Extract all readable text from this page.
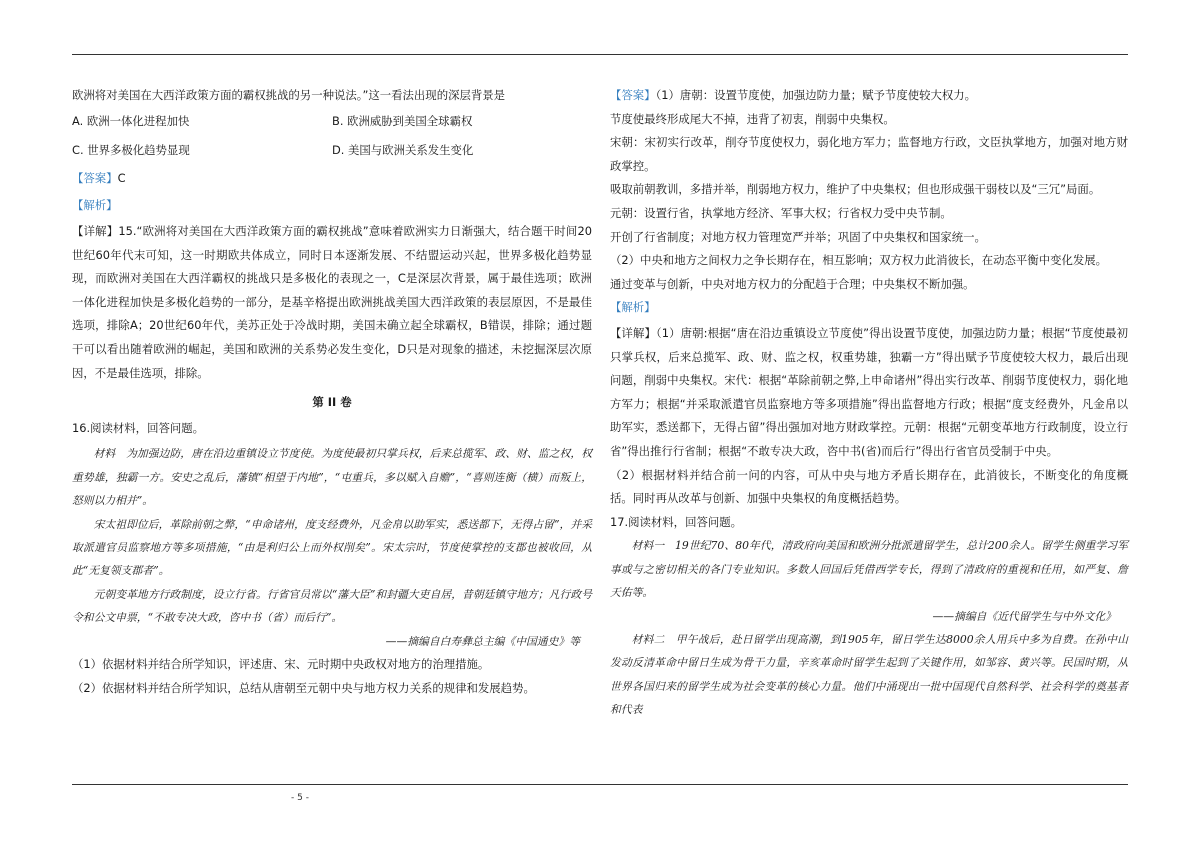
欧洲将对美国在大西洋政策方面的霸权挑战的另一种说法。”这一看法出现的深层背景是
A. 欧洲一体化进程加快	B. 欧洲威胁到美国全球霸权
C. 世界多极化趋势显现	D. 美国与欧洲关系发生变化
【答案】C
【解析】
【详解】15.“欧洲将对美国在大西洋政策方面的霸权挑战”意味着欧洲实力日渐强大，结合题干时间20世纪60年代末可知，这一时期欧共体成立，同时日本逐渐发展、不结盟运动兴起，世界多极化趋势显现，而欧洲对美国在大西洋霸权的挑战只是多极化的表现之一，C是深层次背景，属于最佳选项；欧洲一体化进程加快是多极化趋势的一部分，是基辛格提出欧洲挑战美国大西洋政策的表层原因，不是最佳选项，排除A；20世纪60年代，美苏正处于冷战时期，美国未确立起全球霸权，B错误，排除；通过题干可以看出随着欧洲的崛起，美国和欧洲的关系势必发生变化，D只是对现象的描述，未挖掘深层次原因，不是最佳选项，排除。
第 II 卷
16.阅读材料，回答问题。
材料　为加强边防，唐在沿边重镇设立节度使。为度使最初只掌兵权，后来总揽军、政、财、监之权，权重势雄，独霸一方。安史之乱后，藩镇“相望于内地”，“屯重兵，多以赋入自赡”，“喜则连衡（横）而叛上，怒则以力相并”。
宋太祖即位后，革除前朝之弊，“申命诸州，度支经费外，凡金帛以助军实，悉送都下，无得占留”，并采取派遣官员监察地方等多项措施，“由是利归公上而外权削矣”。宋太宗时，节度使掌控的支郡也被收回，从此“无复领支郡者”。
元朝变革地方行政制度，设立行省。行省官员常以“藩大臣”和封疆大吏自居，昔朝廷镇守地方；凡行政号令和公文申票，“不敢专决大政，咨中书（省）而后行”。
——摘编自白寿彝总主编《中国通史》等
（1）依据材料并结合所学知识，评述唐、宋、元时期中央政权对地方的治理措施。
（2）依据材料并结合所学知识，总结从唐朝至元朝中央与地方权力关系的规律和发展趋势。
【答案】（1）唐朝：设置节度使，加强边防力量；赋予节度使较大权力。
节度使最终形成尾大不掉，违背了初衷，削弱中央集权。
宋朝：宋初实行改革，削夺节度使权力，弱化地方军力；监督地方行政，文臣执掌地方，加强对地方财政掌控。
吸取前朝教训，多措并举，削弱地方权力，维护了中央集权；但也形成强干弱枝以及“三冗”局面。
元朝：设置行省，执掌地方经济、军事大权；行省权力受中央节制。
开创了行省制度；对地方权力管理宽严并举；巩固了中央集权和国家统一。
（2）中央和地方之间权力之争长期存在，相互影响；双方权力此消彼长，在动态平衡中变化发展。
通过变革与创新，中央对地方权力的分配趋于合理；中央集权不断加强。
【解析】
【详解】（1）唐朝:根据“唐在沿边重镇设立节度使”得出设置节度使，加强边防力量；根据“节度使最初只掌兵权，后来总揽军、政、财、监之权，权重势雄，独霸一方”得出赋予节度使较大权力，最后出现问题，削弱中央集权。宋代：根据“革除前朝之弊,上申命诸州”得出实行改革、削弱节度使权力，弱化地方军力；根据“并采取派遣官员监察地方等多项措施”得出监督地方行政；根据“度支经费外，凡金帛以助军实，悉送都下，无得占留”得出强加对地方财政掌控。元朝：根据“元朝变革地方行政制度，设立行省”得出推行行省制；根据“不敢专决大政，咨中书(省)而后行”得出行省官员受制于中央。
（2）根据材料并结合前一问的内容，可从中央与地方矛盾长期存在，此消彼长，不断变化的角度概括。同时再从改革与创新、加强中央集权的角度概括趋势。
17.阅读材料，回答问题。
材料一　19世纪70、80年代，清政府向美国和欧洲分批派遣留学生，总计200余人。留学生侧重学习军事或与之密切相关的各门专业知识。多数人回国后凭借西学专长，得到了清政府的重视和任用，如严复、詹天佑等。
——摘编自《近代留学生与中外文化》
材料二　甲午战后，赴日留学出现高潮，到1905年，留日学生达8000余人用兵中多为自费。在孙中山发动反清革命中留日生成为骨干力量，辛亥革命时留学生起到了关键作用，如邹容、黄兴等。民国时期，从世界各国归来的留学生成为社会变革的核心力量。他们中涌现出一批中国现代自然科学、社会科学的奠基者和代表
- 5 -
